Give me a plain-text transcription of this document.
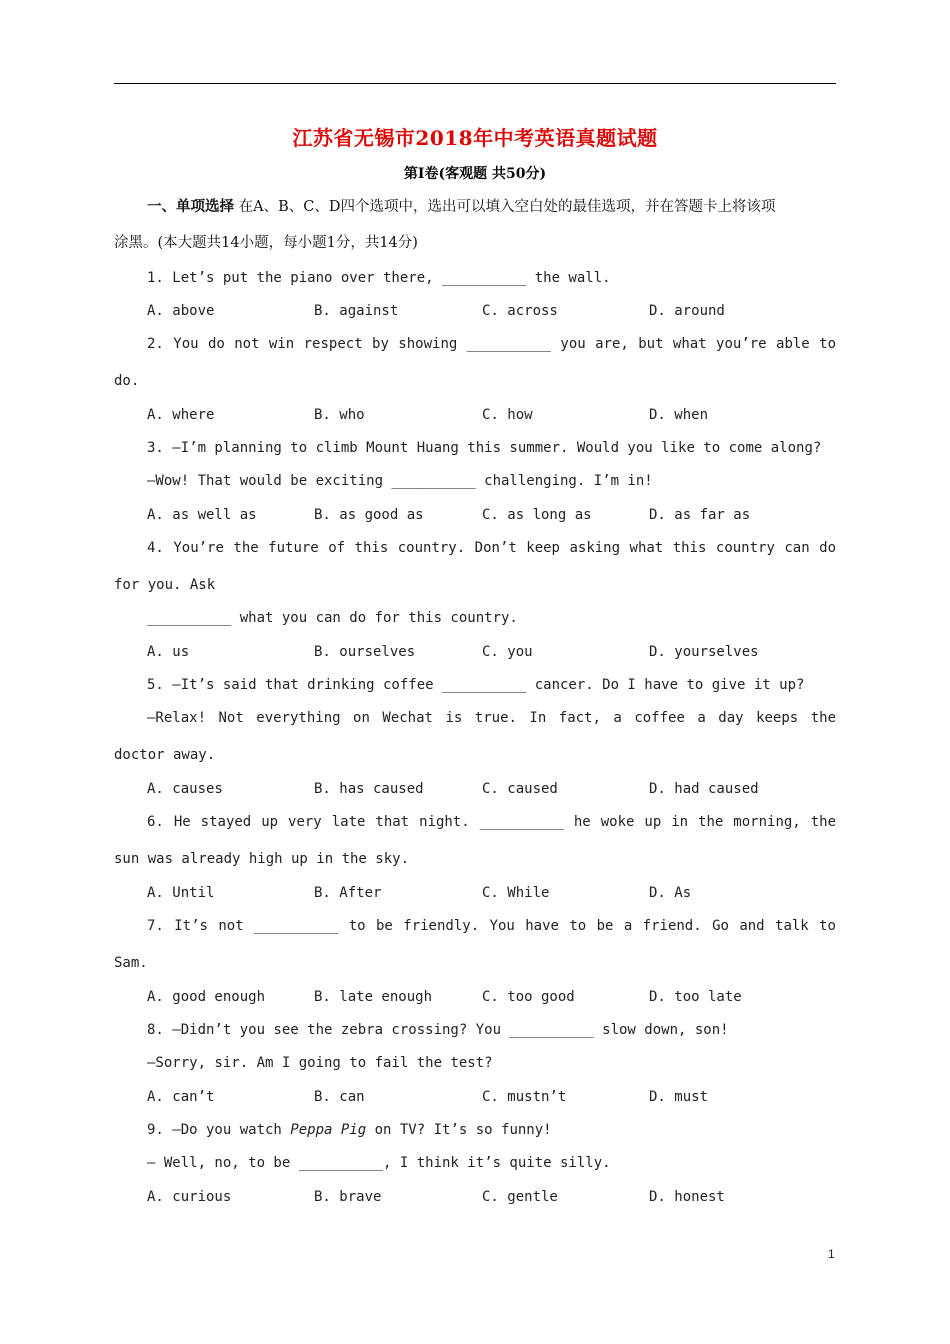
江苏省无锡市2018年中考英语真题试题
第I卷(客观题 共50分)
一、单项选择 在A、B、C、D四个选项中，选出可以填入空白处的最佳选项，并在答题卡上将该项
涂黑。(本大题共14小题，每小题1分，共14分)
1. Let’s put the piano over there, __________ the wall.
A. above	B. against	C. across	D. around
2. You do not win respect by showing __________ you are, but what you’re able to
do.
A. where	B. who	C. how	D. when
3. —I’m planning to climb Mount Huang this summer. Would you like to come along?
—Wow! That would be exciting __________ challenging. I’m in!
A. as well as	B. as good as	C. as long as	D. as far as
4. You’re the future of this country. Don’t keep asking what this country can do
for you. Ask
__________ what you can do for this country.
A. us	B. ourselves	C. you	D. yourselves
5. —It’s said that drinking coffee __________ cancer. Do I have to give it up?
—Relax! Not everything on Wechat is true. In fact, a coffee a day keeps the
doctor away.
A. causes	B. has caused	C. caused	D. had caused
6. He stayed up very late that night. __________ he woke up in the morning, the
sun was already high up in the sky.
A. Until	B. After	C. While	D. As
7. It’s not __________ to be friendly. You have to be a friend. Go and talk to
Sam.
A. good enough	B. late enough	C. too good	D. too late
8. —Didn’t you see the zebra crossing? You __________ slow down, son!
—Sorry, sir. Am I going to fail the test?
A. can’t	B. can	C. mustn’t	D. must
9. —Do you watch Peppa Pig on TV? It’s so funny!
— Well, no, to be __________, I think it’s quite silly.
A. curious	B. brave	C. gentle	D. honest
1
